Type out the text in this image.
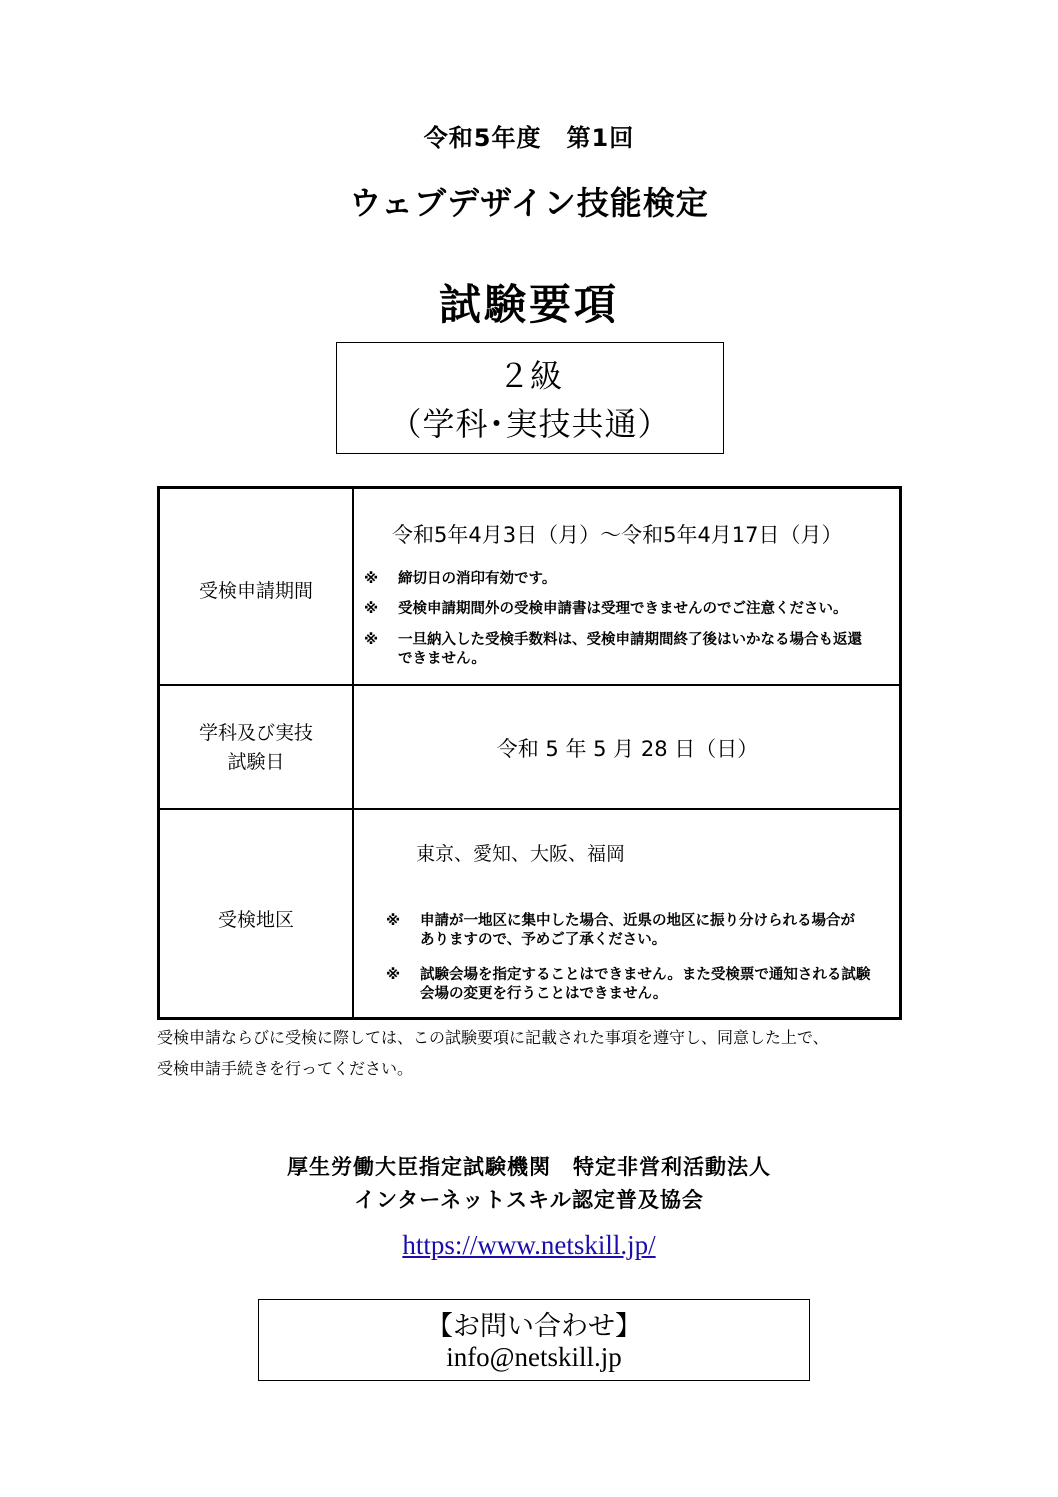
令和5年度　第1回
ウェブデザイン技能検定
試験要項
２級
（学科･実技共通）
受検申請期間
令和5年4月3日（月）～令和5年4月17日（月）
※ 締切日の消印有効です。
※ 受検申請期間外の受検申請書は受理できませんのでご注意ください。
※ 一旦納入した受検手数料は、受検申請期間終了後はいかなる場合も返還
できません。
学科及び実技
試験日
令和 5 年 5 月 28 日（日）
受検地区
東京、愛知、大阪、福岡
※ 申請が一地区に集中した場合、近県の地区に振り分けられる場合が
ありますので、予めご了承ください。
※ 試験会場を指定することはできません。また受検票で通知される試験
会場の変更を行うことはできません。
受検申請ならびに受検に際しては、この試験要項に記載された事項を遵守し、同意した上で、
受検申請手続きを行ってください。
厚生労働大臣指定試験機関　特定非営利活動法人
インターネットスキル認定普及協会
https://www.netskill.jp/
【お問い合わせ】
info@netskill.jp
